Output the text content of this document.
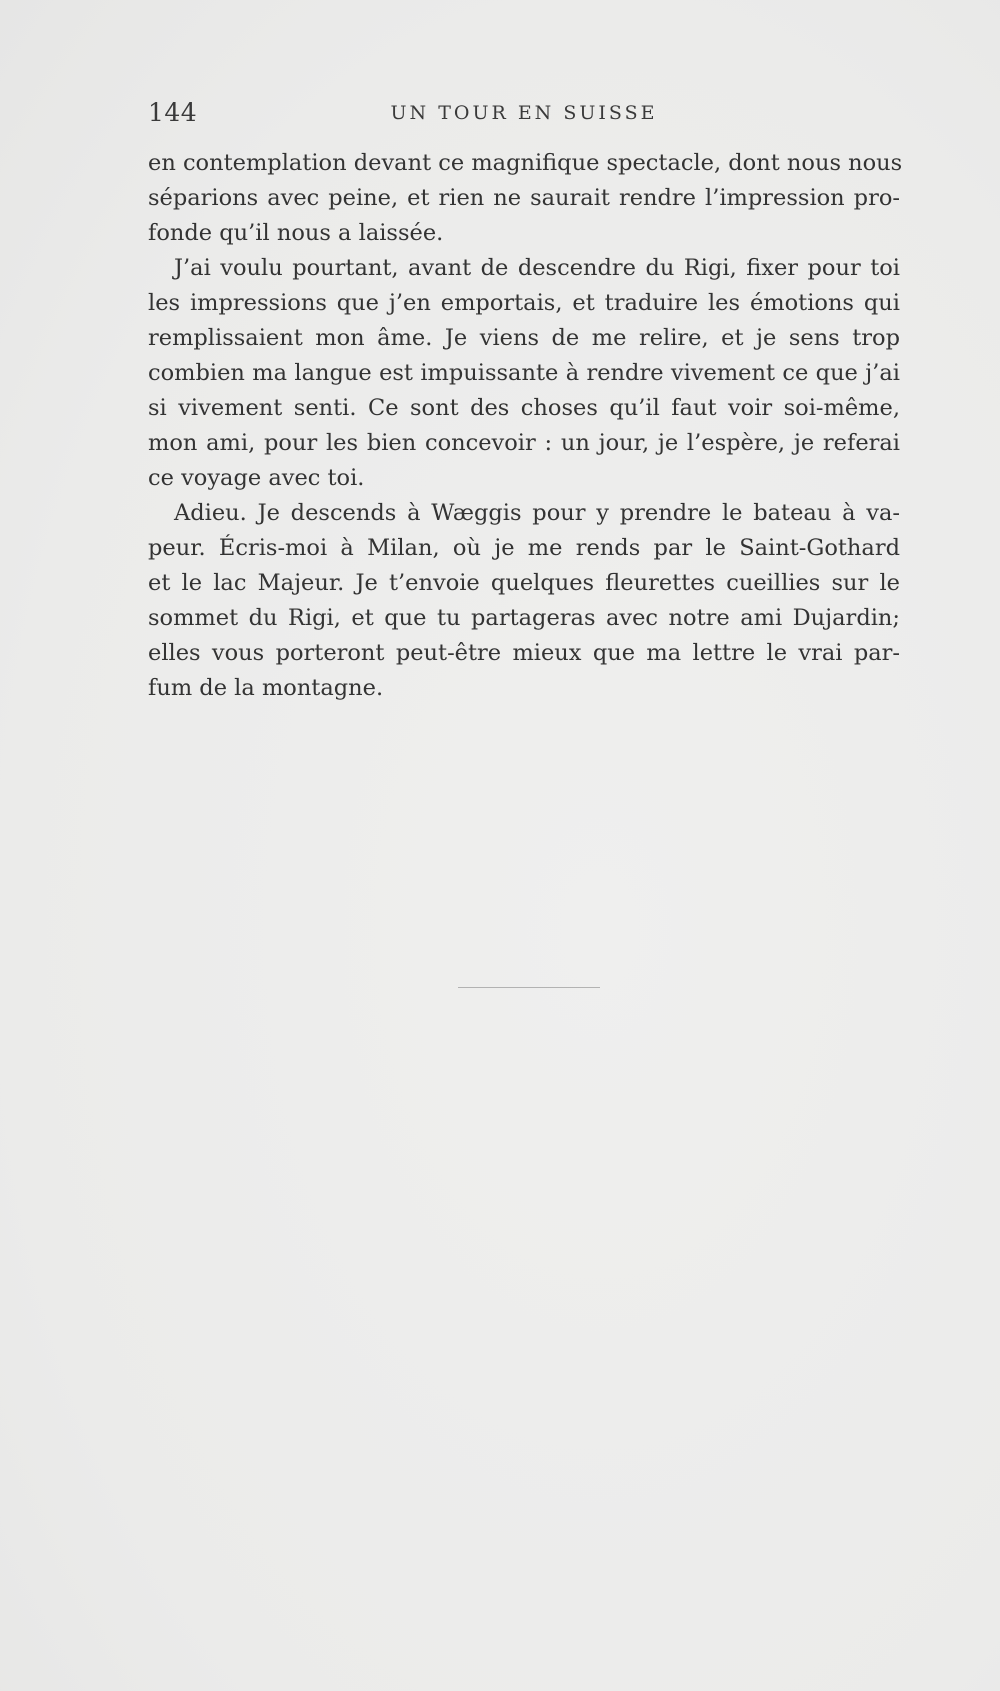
144	UN TOUR EN SUISSE
en contemplation devant ce magnifique spectacle, dont nous nous
séparions avec peine, et rien ne saurait rendre l’impression pro-
fonde qu’il nous a laissée.
J’ai voulu pourtant, avant de descendre du Rigi, fixer pour toi
les impressions que j’en emportais, et traduire les émotions qui
remplissaient mon âme. Je viens de me relire, et je sens trop
combien ma langue est impuissante à rendre vivement ce que j’ai
si vivement senti. Ce sont des choses qu’il faut voir soi-même,
mon ami, pour les bien concevoir : un jour, je l’espère, je referai
ce voyage avec toi.
Adieu. Je descends à Wæggis pour y prendre le bateau à va-
peur. Écris-moi à Milan, où je me rends par le Saint-Gothard
et le lac Majeur. Je t’envoie quelques fleurettes cueillies sur le
sommet du Rigi, et que tu partageras avec notre ami Dujardin;
elles vous porteront peut-être mieux que ma lettre le vrai par-
fum de la montagne.
